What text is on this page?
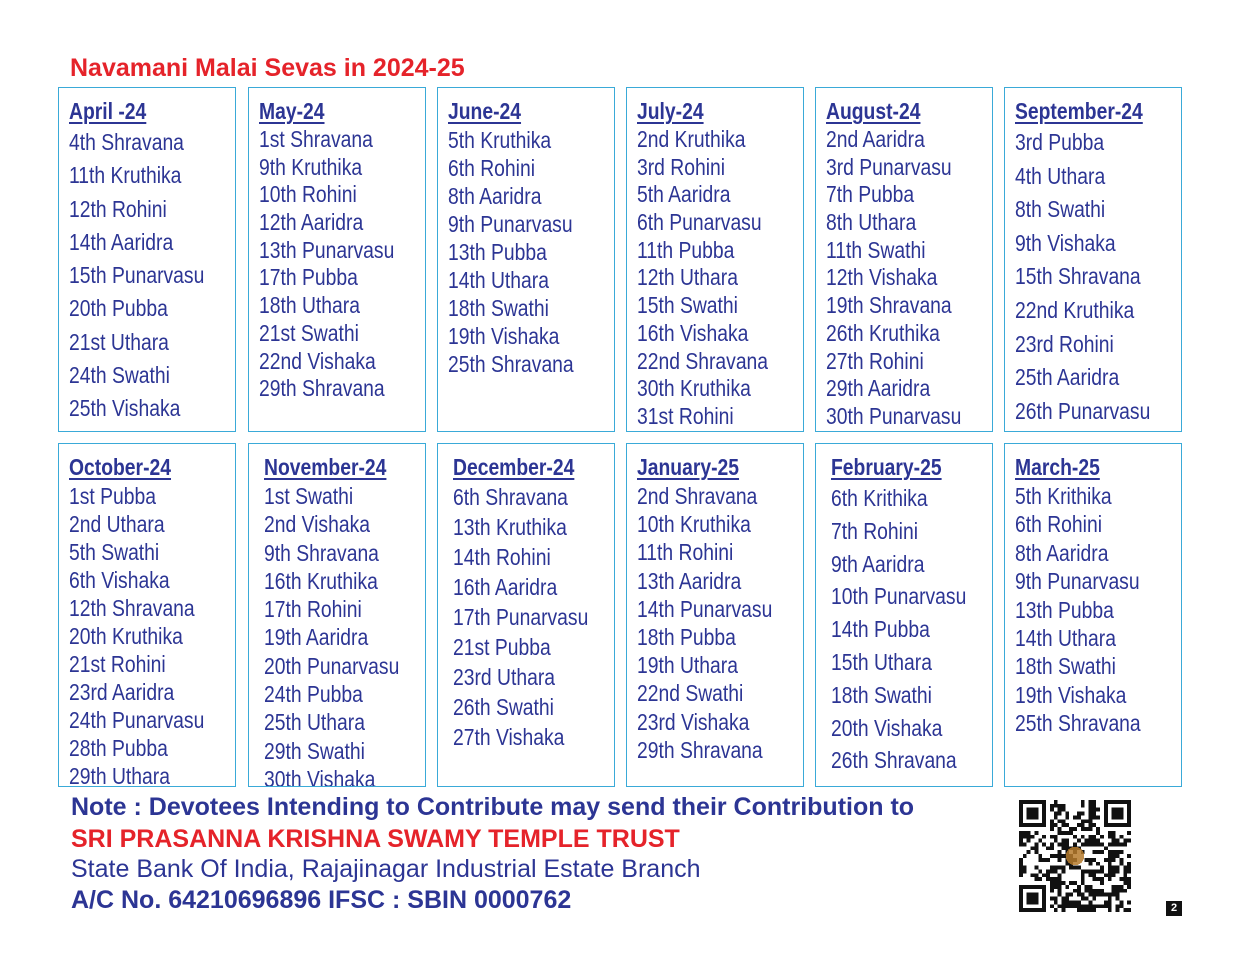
Navamani Malai Sevas in 2024-25
April -24
4th Shravana
11th Kruthika
12th Rohini
14th Aaridra
15th Punarvasu
20th Pubba
21st Uthara
24th Swathi
25th Vishaka
May-24
1st Shravana
9th Kruthika
10th Rohini
12th Aaridra
13th Punarvasu
17th Pubba
18th Uthara
21st Swathi
22nd Vishaka
29th Shravana
June-24
5th Kruthika
6th Rohini
8th Aaridra
9th Punarvasu
13th Pubba
14th Uthara
18th Swathi
19th Vishaka
25th Shravana
July-24
2nd Kruthika
3rd Rohini
5th Aaridra
6th Punarvasu
11th Pubba
12th Uthara
15th Swathi
16th Vishaka
22nd Shravana
30th Kruthika
31st Rohini
August-24
2nd Aaridra
3rd Punarvasu
7th Pubba
8th Uthara
11th Swathi
12th Vishaka
19th Shravana
26th Kruthika
27th Rohini
29th Aaridra
30th Punarvasu
September-24
3rd Pubba
4th Uthara
8th Swathi
9th Vishaka
15th Shravana
22nd Kruthika
23rd Rohini
25th Aaridra
26th Punarvasu
October-24
1st Pubba
2nd Uthara
5th Swathi
6th Vishaka
12th Shravana
20th Kruthika
21st Rohini
23rd Aaridra
24th Punarvasu
28th Pubba
29th Uthara
November-24
1st Swathi
2nd Vishaka
9th Shravana
16th Kruthika
17th Rohini
19th Aaridra
20th Punarvasu
24th Pubba
25th Uthara
29th Swathi
30th Vishaka
December-24
6th Shravana
13th Kruthika
14th Rohini
16th Aaridra
17th Punarvasu
21st Pubba
23rd Uthara
26th Swathi
27th Vishaka
January-25
2nd Shravana
10th Kruthika
11th Rohini
13th Aaridra
14th Punarvasu
18th Pubba
19th Uthara
22nd Swathi
23rd Vishaka
29th Shravana
February-25
6th Krithika
7th Rohini
9th Aaridra
10th Punarvasu
14th Pubba
15th Uthara
18th Swathi
20th Vishaka
26th Shravana
March-25
5th Krithika
6th Rohini
8th Aaridra
9th Punarvasu
13th Pubba
14th Uthara
18th Swathi
19th Vishaka
25th Shravana

Note : Devotees Intending to Contribute may send their Contribution to

SRI PRASANNA KRISHNA SWAMY TEMPLE TRUST

State Bank Of India, Rajajinagar Industrial Estate Branch

A/C No. 64210696896 IFSC : SBIN 0000762	2
